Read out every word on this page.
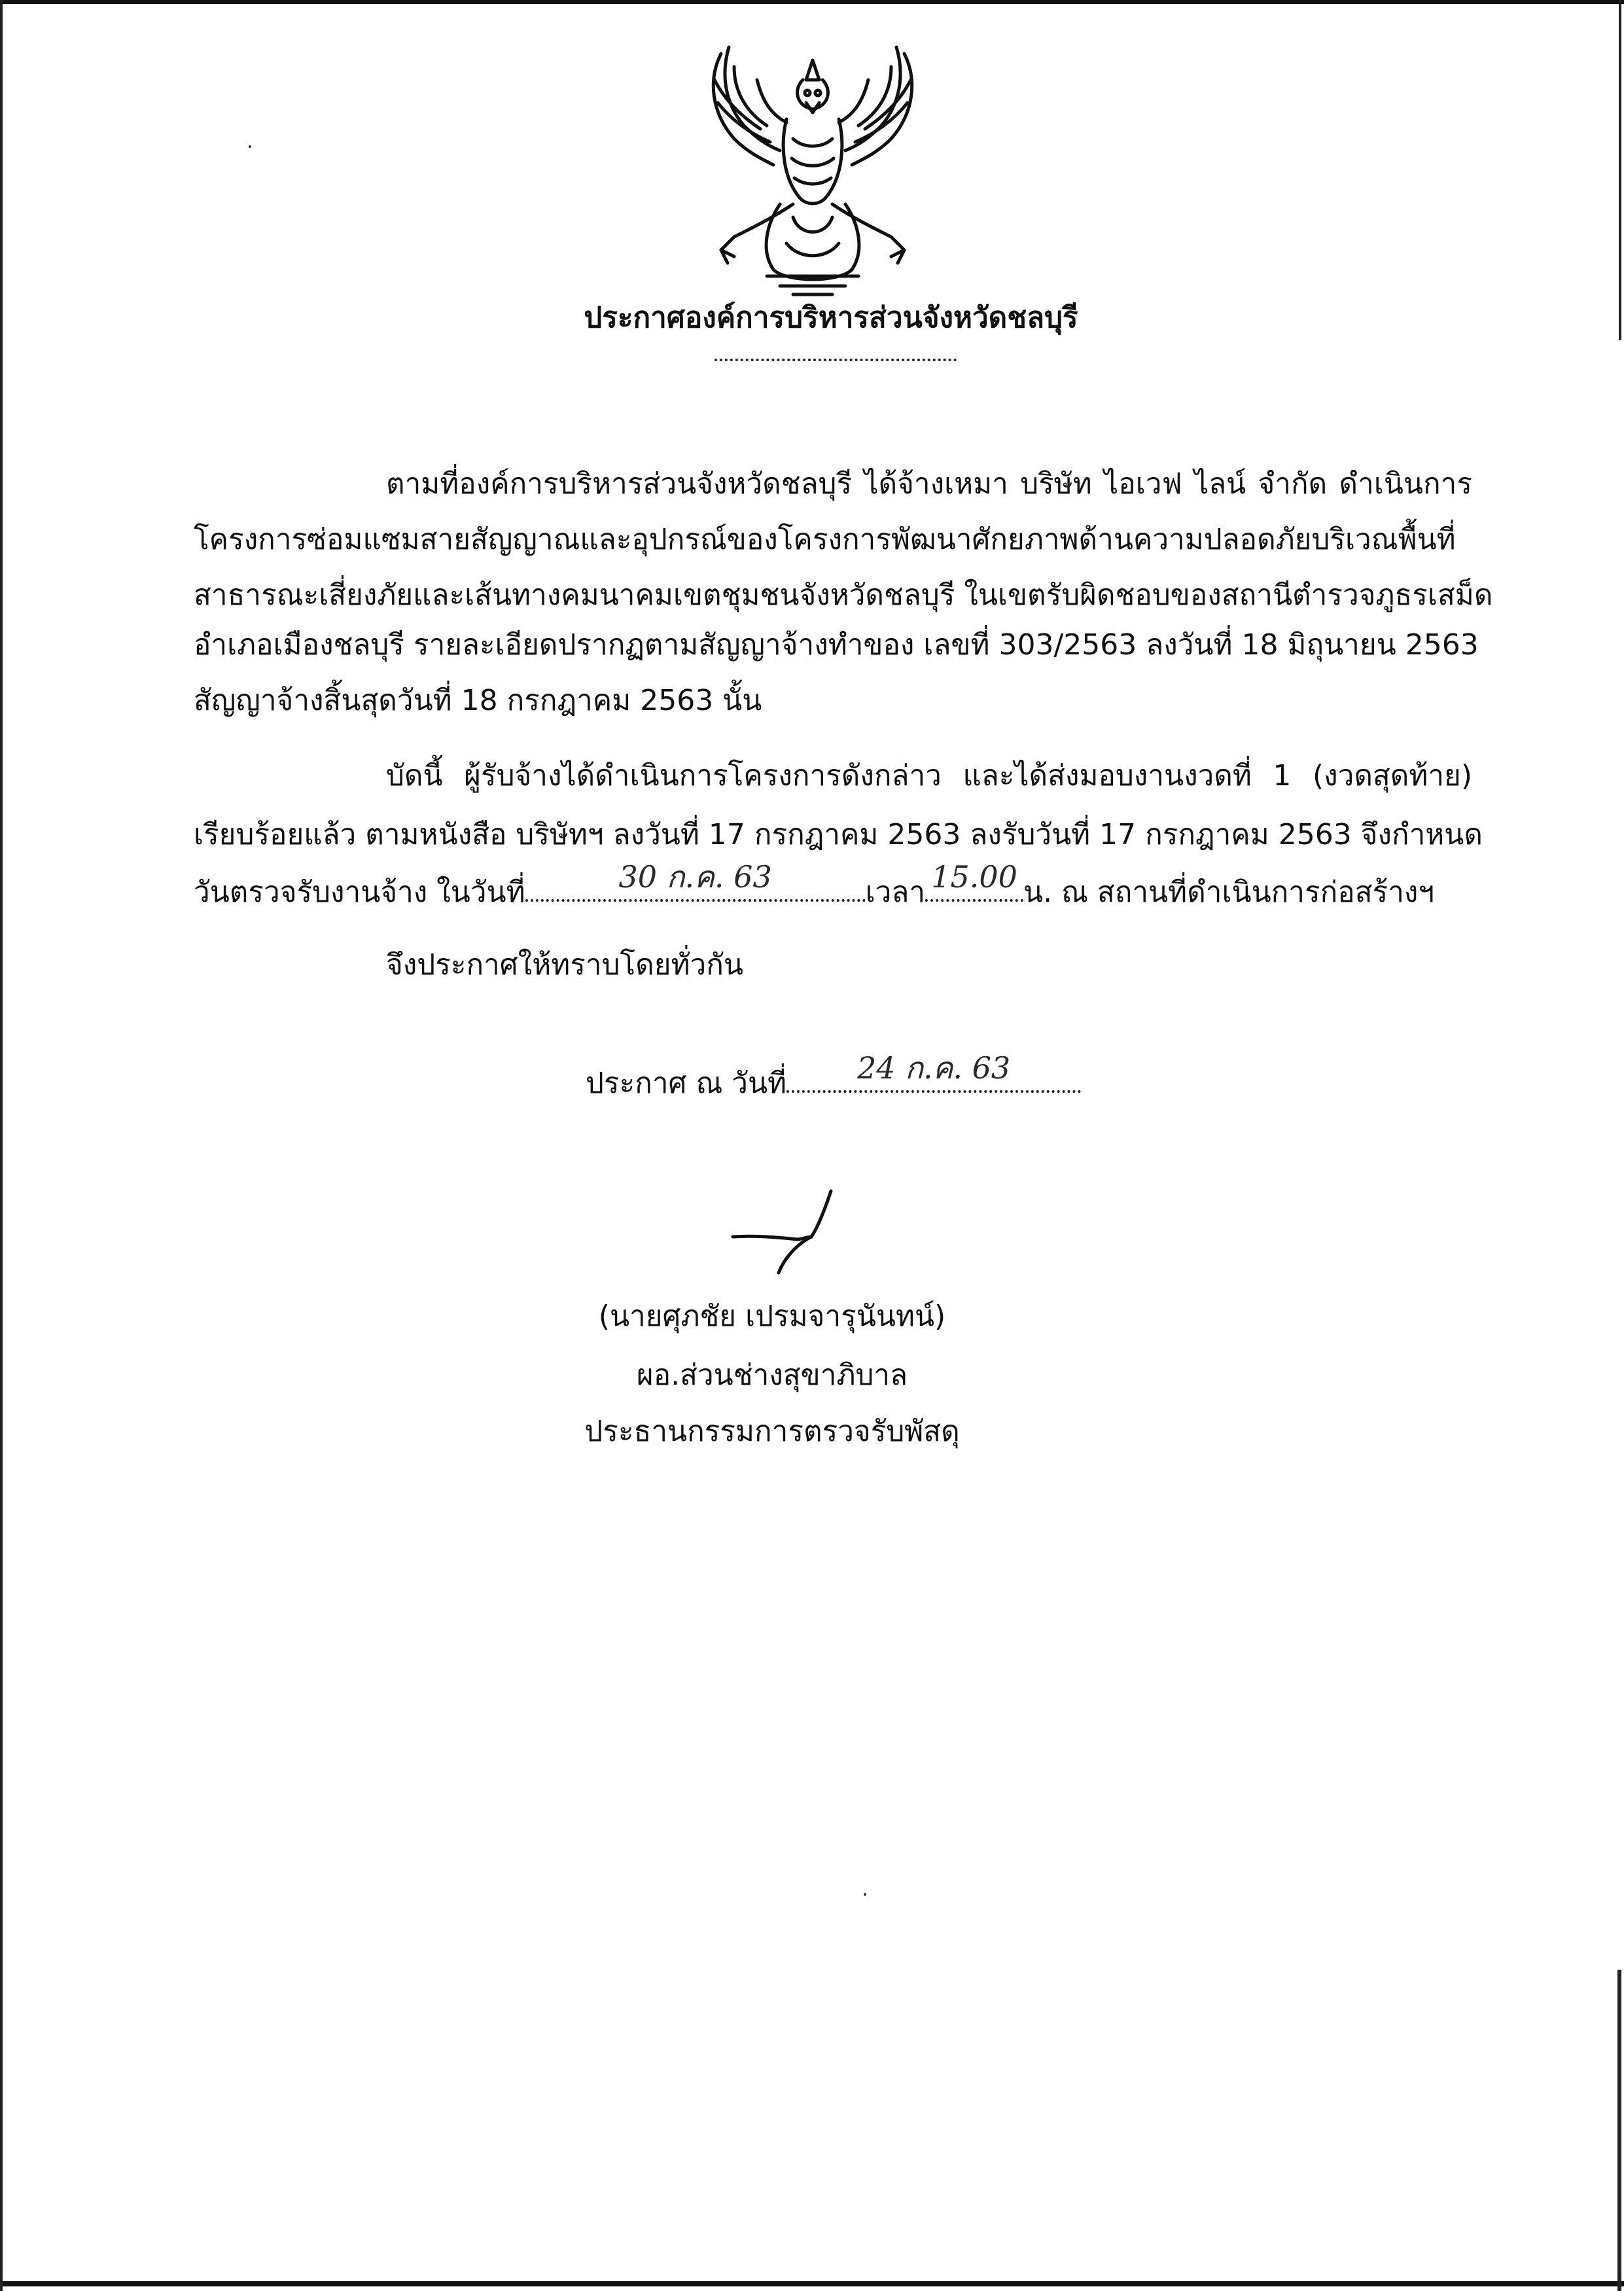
ประกาศองค์การบริหารส่วนจังหวัดชลบุรี
ตามที่องค์การบริหารส่วนจังหวัดชลบุรี ได้จ้างเหมา บริษัท ไอเวฟ ไลน์ จำกัด ดำเนินการ
โครงการซ่อมแซมสายสัญญาณและอุปกรณ์ของโครงการพัฒนาศักยภาพด้านความปลอดภัยบริเวณพื้นที่
สาธารณะเสี่ยงภัยและเส้นทางคมนาคมเขตชุมชนจังหวัดชลบุรี ในเขตรับผิดชอบของสถานีตำรวจภูธรเสม็ด
อำเภอเมืองชลบุรี รายละเอียดปรากฏตามสัญญาจ้างทำของ เลขที่ 303/2563 ลงวันที่ 18 มิถุนายน 2563
สัญญาจ้างสิ้นสุดวันที่ 18 กรกฎาคม 2563 นั้น
บัดนี้ ผู้รับจ้างได้ดำเนินการโครงการดังกล่าว และได้ส่งมอบงานงวดที่ 1 (งวดสุดท้าย)
เรียบร้อยแล้ว ตามหนังสือ บริษัทฯ ลงวันที่ 17 กรกฎาคม 2563 ลงรับวันที่ 17 กรกฎาคม 2563 จึงกำหนด
วันตรวจรับงานจ้าง ในวันที่	30 ก.ค. 63	เวลา 15.00 น. ณ สถานที่ดำเนินการก่อสร้างฯ
จึงประกาศให้ทราบโดยทั่วกัน
ประกาศ ณ วันที่	24 ก.ค. 63
(นายศุภชัย เปรมจารุนันทน์)
ผอ.ส่วนช่างสุขาภิบาล
ประธานกรรมการตรวจรับพัสดุ
